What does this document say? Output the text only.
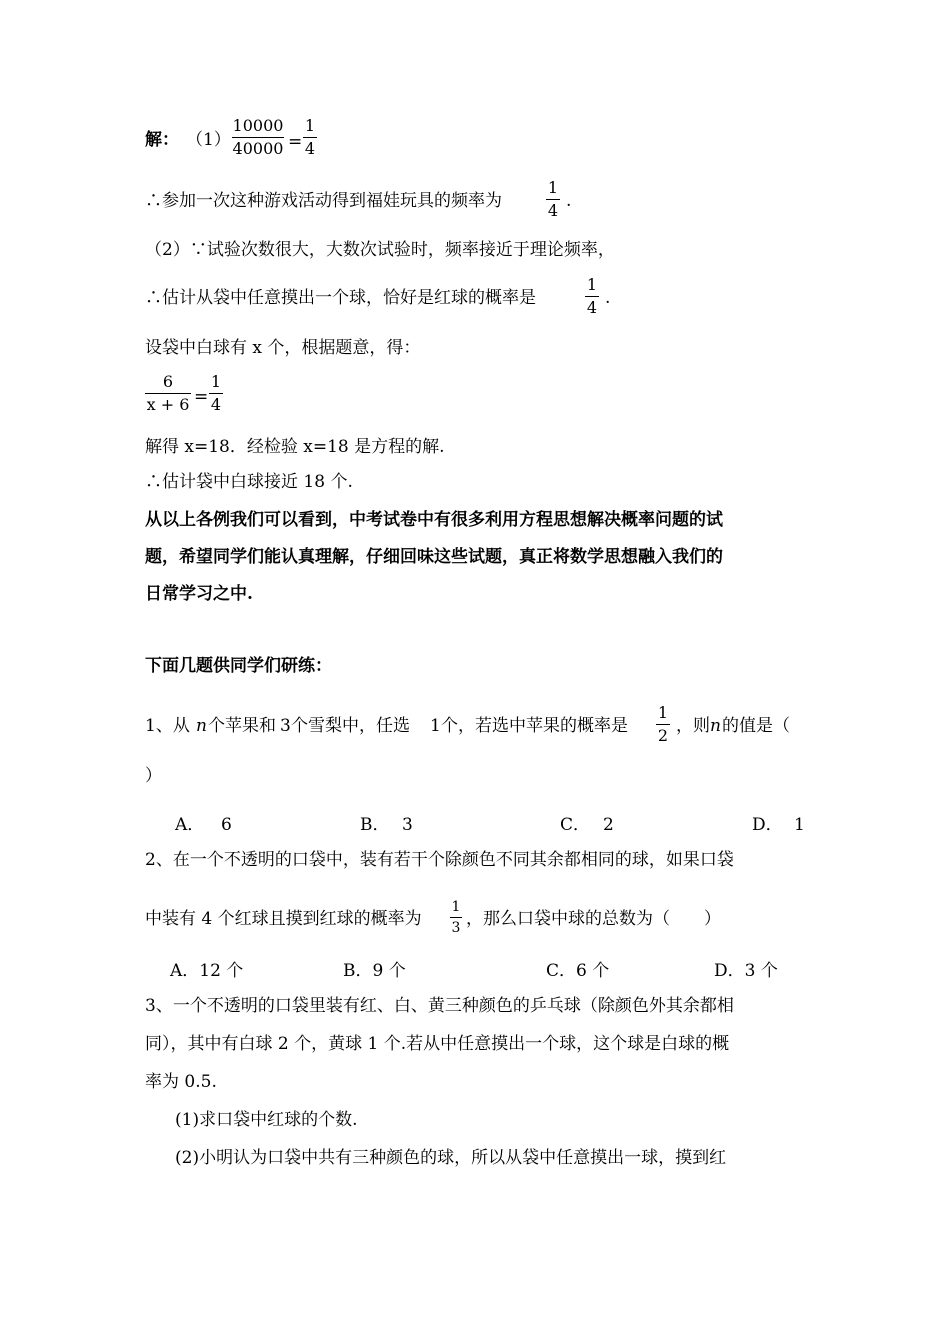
解： （1）
10000
40000 =
1
4
∴参加一次这种游戏活动得到福娃玩具的频率为
1
4 .
（2）∵试验次数很大，大数次试验时，频率接近于理论频率，
∴估计从袋中任意摸出一个球，恰好是红球的概率是
1
4 .
设袋中白球有 x 个，根据题意，得：
6
x + 6 =
1
4
解得 x=18．经检验 x=18 是方程的解.
∴估计袋中白球接近 18 个.
从以上各例我们可以看到，中考试卷中有很多利用方程思想解决概率问题的试
题，希望同学们能认真理解，仔细回味这些试题，真正将数学思想融入我们的
日常学习之中.
下面几题供同学们研练：
1、从 n 个苹果和 3 个雪梨中，任选 1 个，若选中苹果的概率是
1
2 ，则 n 的值是（
）
A． 6	B． 3	C． 2	D． 1
2、在一个不透明的口袋中，装有若干个除颜色不同其余都相同的球，如果口袋
中装有 4 个红球且摸到红球的概率为
1
3 ，那么口袋中球的总数为（　　）
A．12 个	B．9 个	C．6 个	D．3 个
3、一个不透明的口袋里装有红、白、黄三种颜色的乒乓球（除颜色外其余都相
同），其中有白球 2 个，黄球 1 个.若从中任意摸出一个球，这个球是白球的概
率为 0.5.
(1)求口袋中红球的个数.
(2)小明认为口袋中共有三种颜色的球，所以从袋中任意摸出一球，摸到红
